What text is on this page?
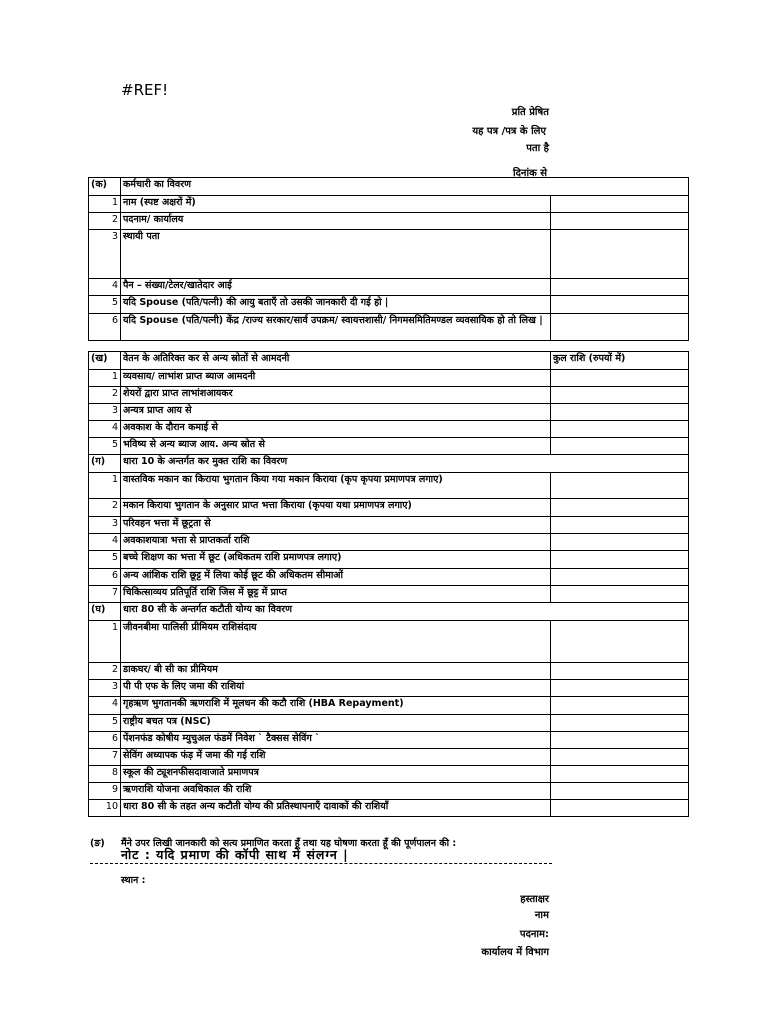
#REF!
प्रति प्रेषित
यह पत्र /पत्र के लिए
पता है
दिनांक से
(क)	कर्मचारी का विवरण	
1	नाम (स्पष्ट अक्षरों में)	
2	पदनाम/ कार्यालय	
3	स्थायी पता	
4	पैन – संख्या/टेलर/खातेदार आई	
5	यदि Spouse (पति/पत्नी) की आयु बताएँ तो उसकी जानकारी दी गई हो |	
6	यदि Spouse (पति/पत्नी) केंद्र /राज्य सरकार/सार्व उपक्रम/ स्वायत्तशासी/ निगमसमितिमण्डल व्यवसायिक हो तो लिख |	
(ख)	वेतन के अतिरिक्त कर से अन्य स्रोतों से आमदनी	कुल राशि (रुपयों में)
1	व्यवसाय/ लाभांश प्राप्त ब्याज आमदनी	
2	शेयरों द्वारा प्राप्त लाभांशआयकर	
3	अन्यत्र प्राप्त आय से	
4	अवकाश के दौरान कमाई से	
5	भविष्य से अन्य ब्याज आय. अन्य स्रोत से	
(ग)	धारा 10 के अन्तर्गत कर मुक्त राशि का विवरण	
1	वास्तविक मकान का किराया भुगतान किया गया मकान किराया (कृप कृपया प्रमाणपत्र लगाए)	
2	मकान किराया भुगतान के अनुसार प्राप्त भत्ता किराया (कृपया यथा प्रमाणपत्र लगाए)	
3	परिवहन भत्ता में छूट्रता से	
4	अवकाशयात्रा भत्ता से प्राप्तकर्ता राशि	
5	बच्चे शिक्षण का भत्ता में छूट (अधिकतम राशि प्रमाणपत्र लगाए)	
6	अन्य आंशिक राशि छूट्ट में लिया कोई छूट की अधिकतम सीमाओं	
7	चिकित्साव्यय प्रतिपूर्ति राशि जिस में छूट्ट में प्राप्त	
(घ)	धारा 80 सी के अन्तर्गत कटौती योग्य का विवरण	
1	जीवनबीमा पालिसी प्रीमियम राशिसंदाय	
2	डाकघर/ बी सी का प्रीमियम	
3	पी पी एफ के लिए जमा की राशियां	
4	गृहऋण भुगतानकी ऋणराशि में मूलधन की कटौ राशि (HBA Repayment)	
5	राष्ट्रीय बचत पत्र (NSC)	
6	पेंशनफंड कोषीय म्युचुअल फंडमें निवेश ` टैक्सस सेविंग `	
7	सेविंग अध्यापक फंड़ में जमा की गई राशि	
8	स्कूल की ट्यूशनफीसदावाजाते प्रमाणपत्र	
9	ऋणराशि योजना अवधिकाल की राशि	
10	धारा 80 सी के तहत अन्य कटौती योग्य की प्रतिस्थापनाएँ दावाकों की राशियाँ	
(ङ) मैंने उपर लिखी जानकारी को सत्य प्रमाणित करता हूँ तथा यह घोषणा करता हूँ की पूर्णपालन की :
नोट : यदि प्रमाण की कॉपी साथ मे संलग्न |
स्थान :
हस्ताक्षर
नाम
पदनाम:
कार्यालय में विभाग
